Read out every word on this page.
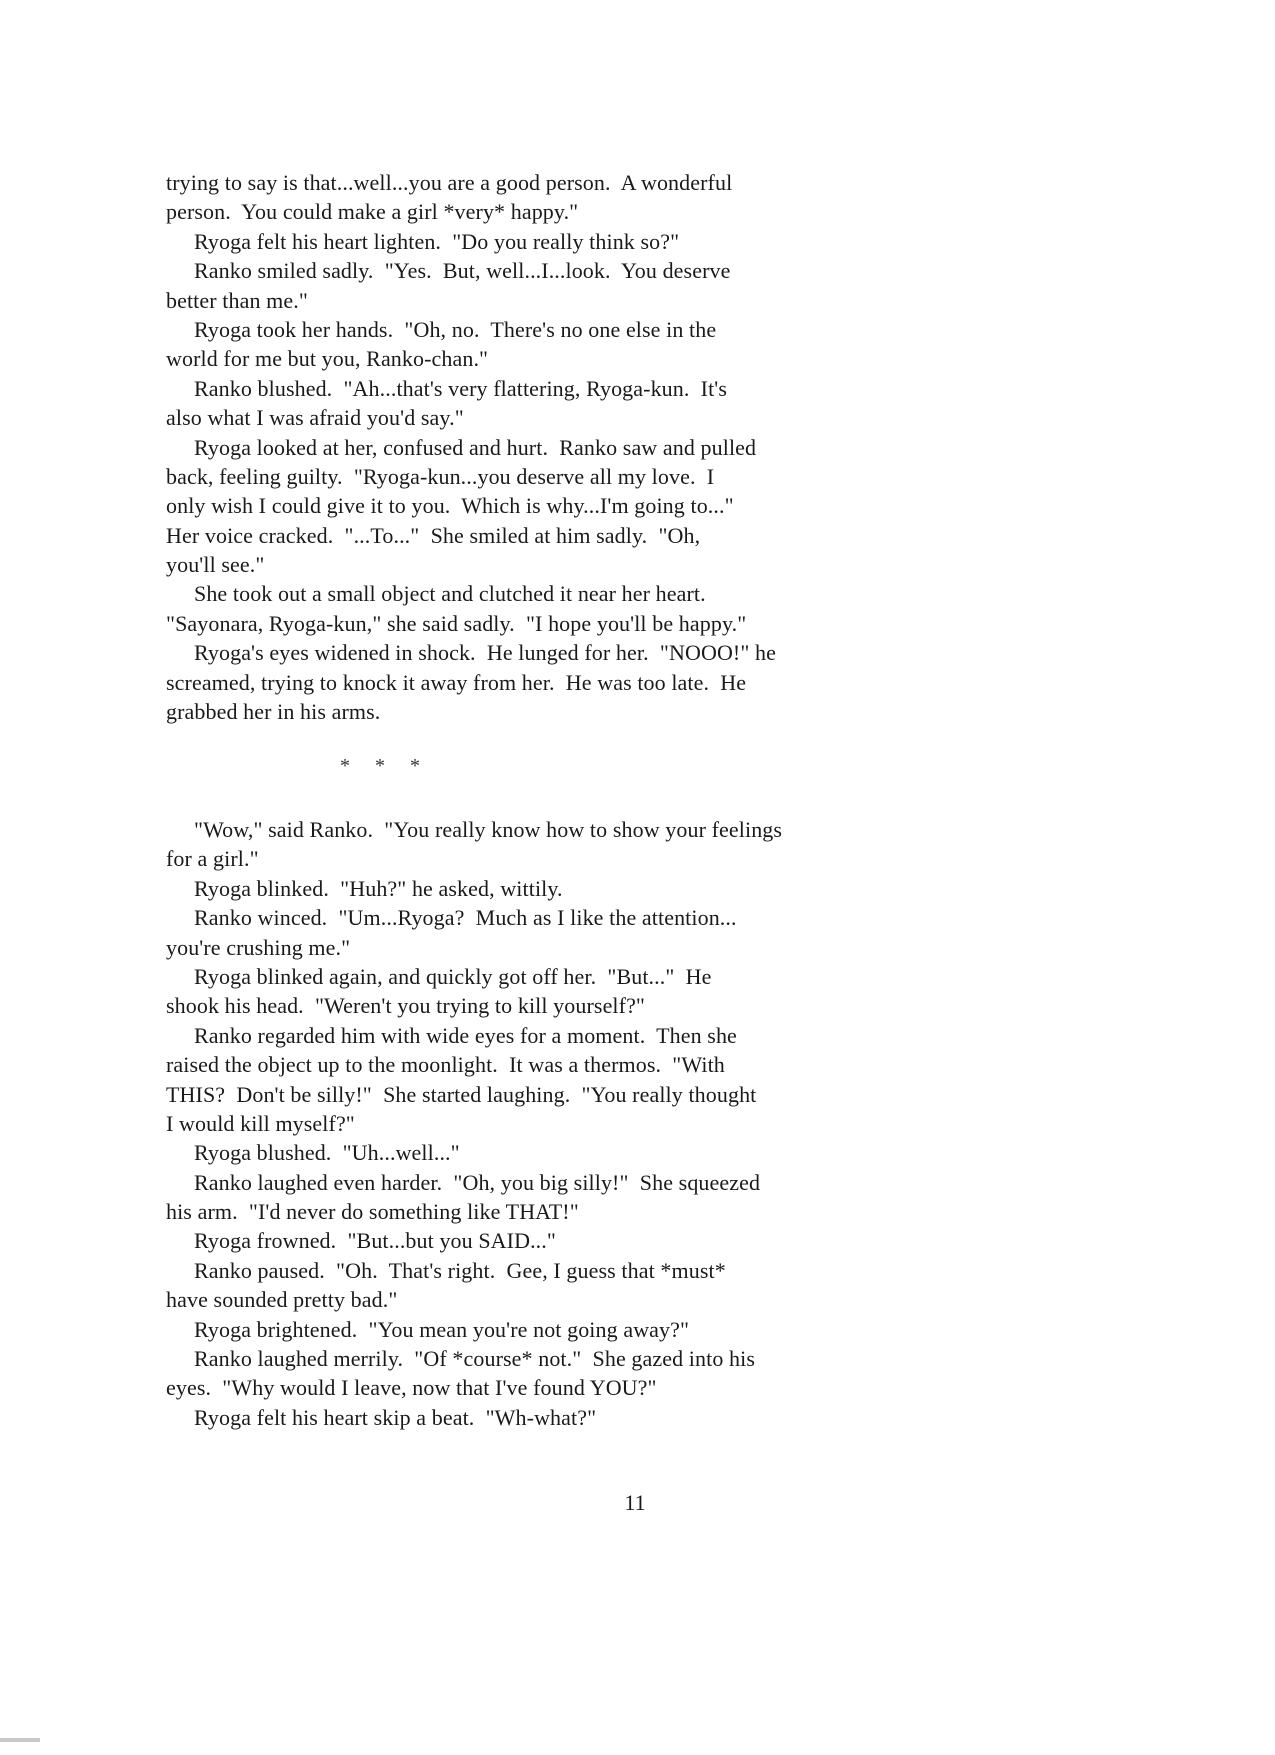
trying to say is that...well...you are a good person.  A wonderful
person.  You could make a girl *very* happy."
Ryoga felt his heart lighten.  "Do you really think so?"
Ranko smiled sadly.  "Yes.  But, well...I...look.  You deserve
better than me."
Ryoga took her hands.  "Oh, no.  There's no one else in the
world for me but you, Ranko-chan."
Ranko blushed.  "Ah...that's very flattering, Ryoga-kun.  It's
also what I was afraid you'd say."
Ryoga looked at her, confused and hurt.  Ranko saw and pulled
back, feeling guilty.  "Ryoga-kun...you deserve all my love.  I
only wish I could give it to you.  Which is why...I'm going to..."
Her voice cracked.  "...To..."  She smiled at him sadly.  "Oh,
you'll see."
She took out a small object and clutched it near her heart.
"Sayonara, Ryoga-kun," she said sadly.  "I hope you'll be happy."
Ryoga's eyes widened in shock.  He lunged for her.  "NOOO!" he
screamed, trying to knock it away from her.  He was too late.  He
grabbed her in his arms.
*     *     *
"Wow," said Ranko.  "You really know how to show your feelings
for a girl."
Ryoga blinked.  "Huh?" he asked, wittily.
Ranko winced.  "Um...Ryoga?  Much as I like the attention...
you're crushing me."
Ryoga blinked again, and quickly got off her.  "But..."  He
shook his head.  "Weren't you trying to kill yourself?"
Ranko regarded him with wide eyes for a moment.  Then she
raised the object up to the moonlight.  It was a thermos.  "With
THIS?  Don't be silly!"  She started laughing.  "You really thought
I would kill myself?"
Ryoga blushed.  "Uh...well..."
Ranko laughed even harder.  "Oh, you big silly!"  She squeezed
his arm.  "I'd never do something like THAT!"
Ryoga frowned.  "But...but you SAID..."
Ranko paused.  "Oh.  That's right.  Gee, I guess that *must*
have sounded pretty bad."
Ryoga brightened.  "You mean you're not going away?"
Ranko laughed merrily.  "Of *course* not."  She gazed into his
eyes.  "Why would I leave, now that I've found YOU?"
Ryoga felt his heart skip a beat.  "Wh-what?"
11
